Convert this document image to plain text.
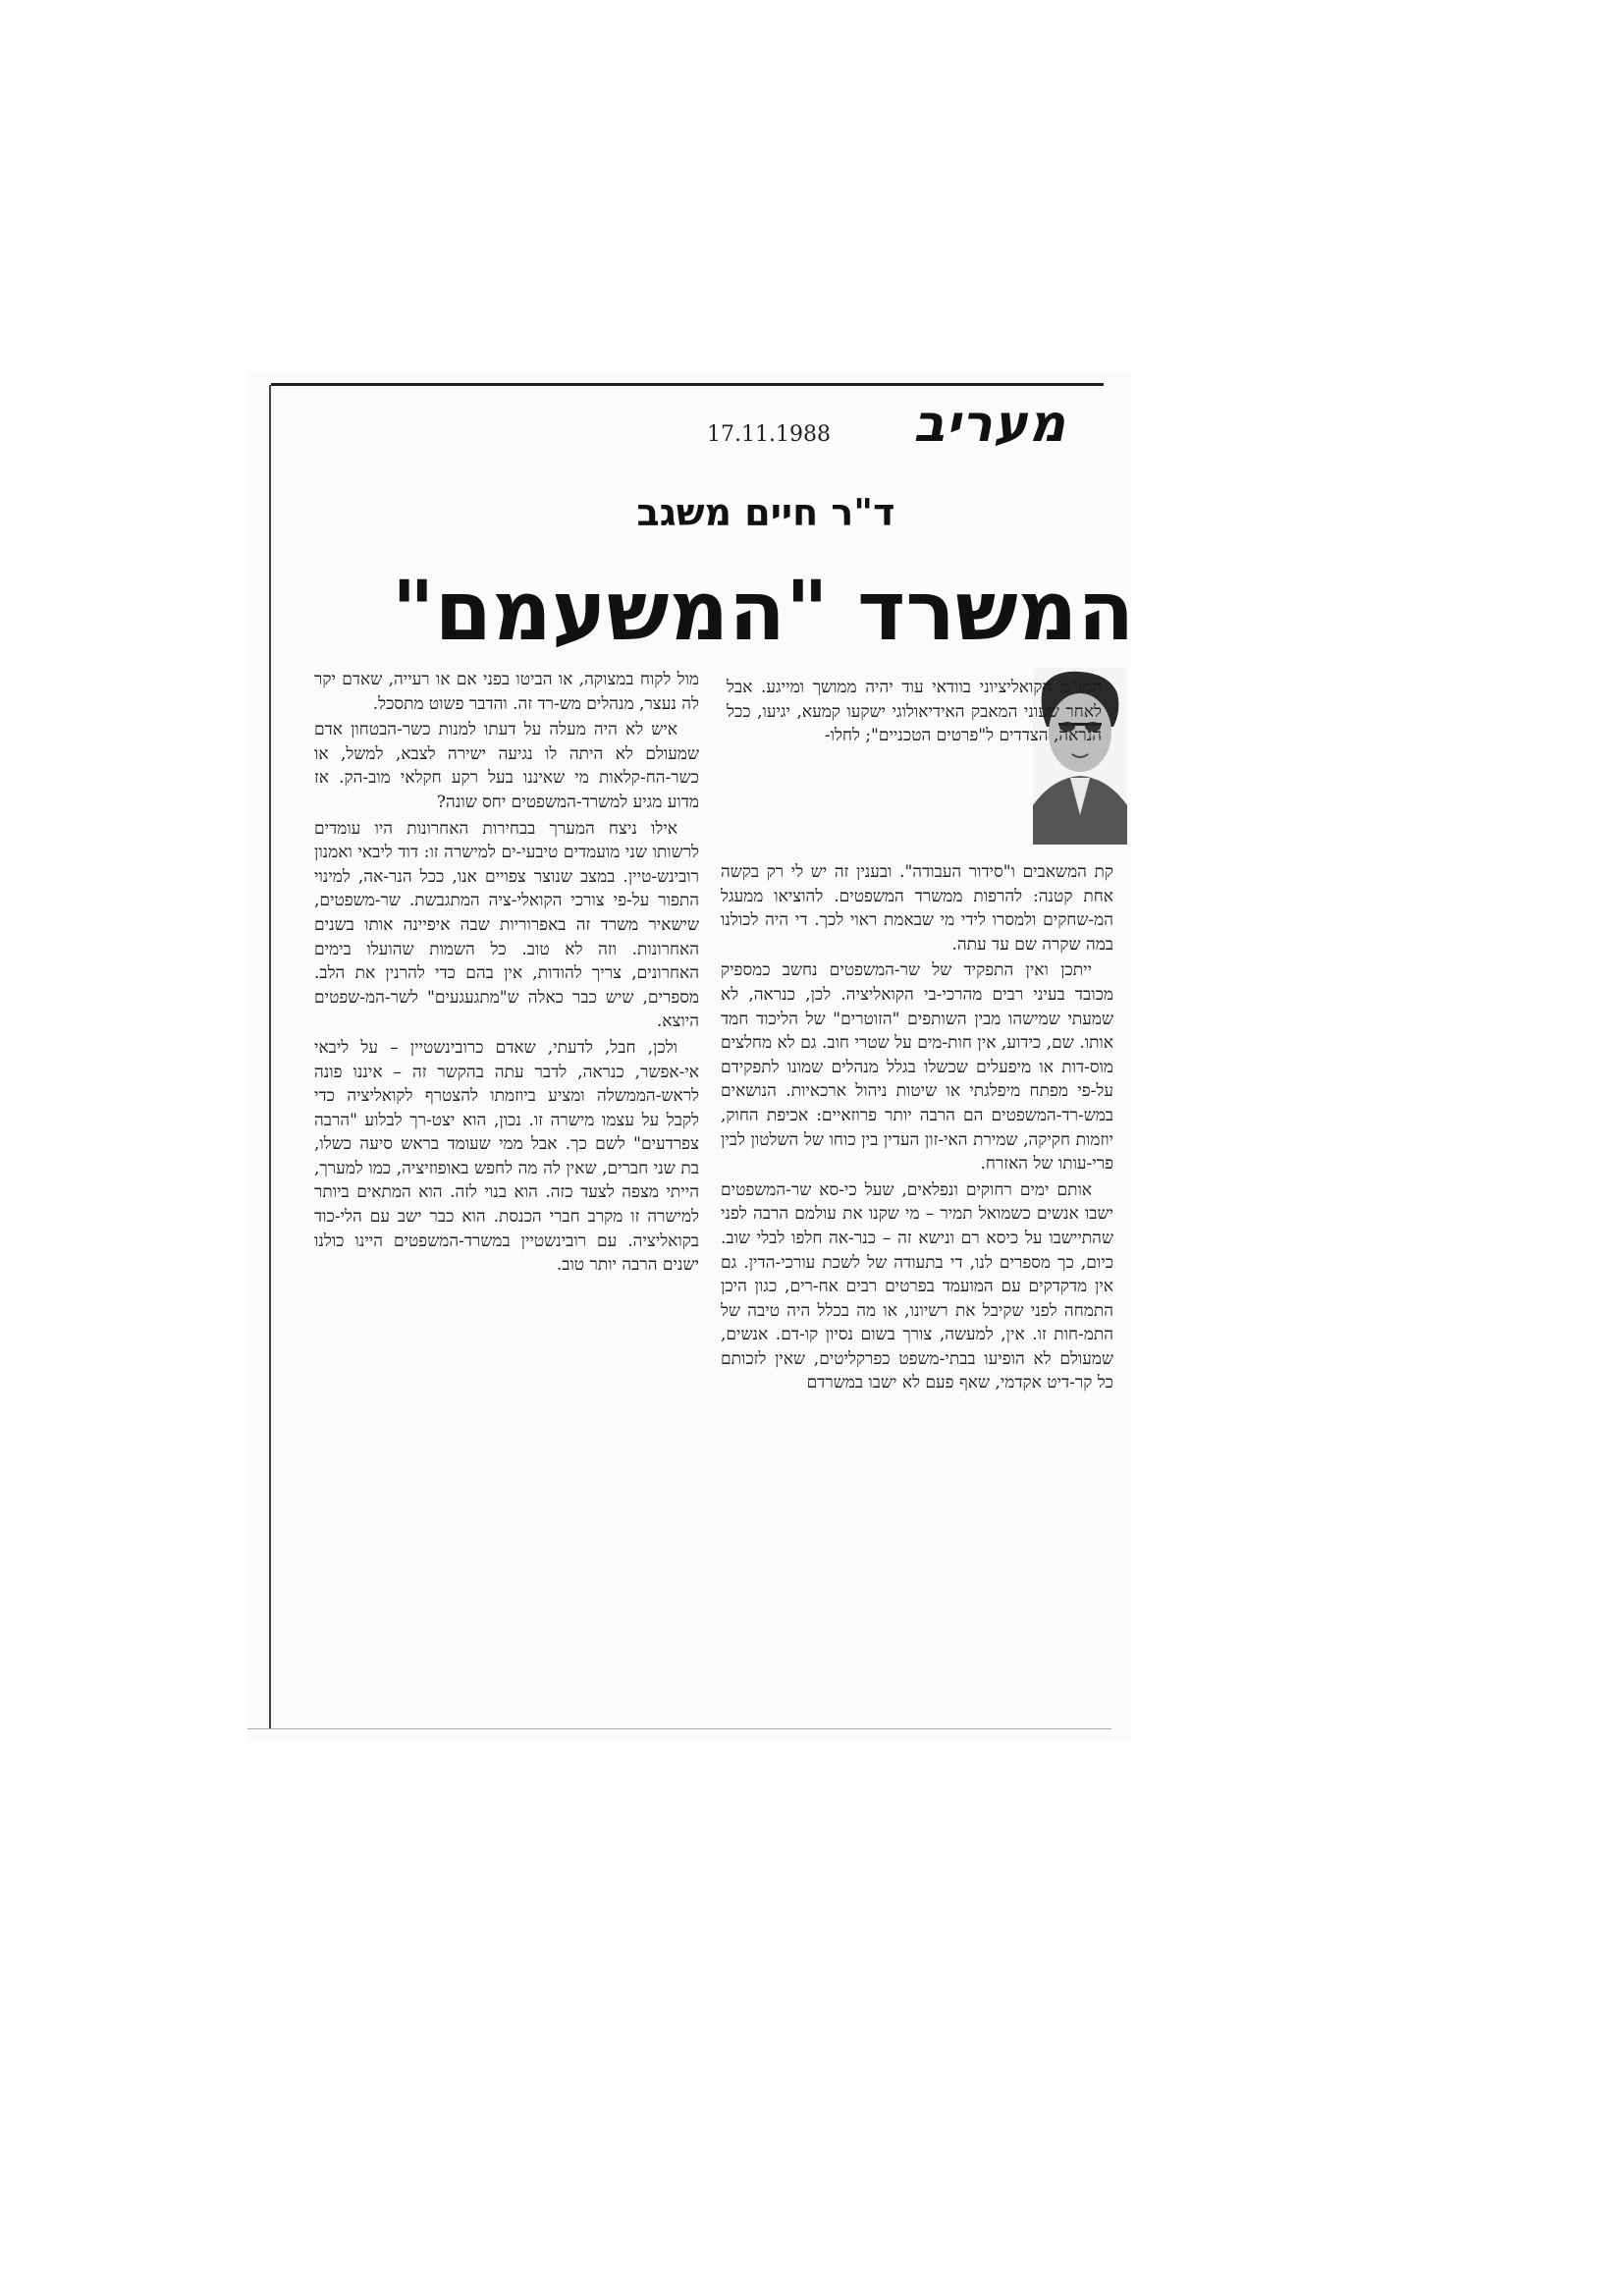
מעריב
17.11.1988
ד"ר חיים משגב
המשרד "המשעמם"

המו"מ הקואליציוני בוודאי עוד יהיה ממושך ומייגע. אבל לאחר שעוני המאבק האידיאולוגי ישקעו קמעא, יגיעו, ככל הנראה, הצדדים ל"פרטים הטכניים"; לחלו-

קת המשאבים ו"סידור העבודה". ובענין זה יש לי רק בקשה אחת קטנה: להרפות ממשרד המשפטים. להוציאו ממעגל המ-שחקים ולמסרו לידי מי שבאמת ראוי לכך. די היה לכולנו במה שקרה שם עד עתה.

ייתכן ואין התפקיד של שר-המשפטים נחשב כמספיק מכובד בעיני רבים מהרכי-בי הקואליציה. לכן, כנראה, לא שמעתי שמישהו מבין השותפים "הזוטרים" של הליכוד חמד אותו. שם, כידוע, אין חות-מים על שטרי חוב. גם לא מחלצים מוס-דות או מיפעלים שכשלו בגלל מנהלים שמונו לתפקידם על-פי מפתח מיפלגתי או שיטות ניהול ארכאיות. הנושאים במש-רד-המשפטים הם הרבה יותר פרוזאיים: אכיפת החוק, יוזמות חקיקה, שמירת האי-זון העדין בין כוחו של השלטון לבין פרי-עותו של האזרח.

אותם ימים רחוקים ונפלאים, שעל כי-סא שר-המשפטים ישבו אנשים כשמואל תמיר – מי שקנו את עולמם הרבה לפני שהתיישבו על כיסא רם ונישא זה – כנר-אה חלפו לבלי שוב. כיום, כך מספרים לנו, די בתעודה של לשכת עורכי-הדין. גם אין מדקדקים עם המועמד בפרטים רבים אח-רים, כגון היכן התמחה לפני שקיבל את רשיונו, או מה בכלל היה טיבה של התמ-חות זו. אין, למעשה, צורך בשום נסיון קו-דם. אנשים, שמעולם לא הופיעו בבתי-משפט כפרקליטים, שאין לזכותם כל קר-דיט אקדמי, שאף פעם לא ישבו במשרדם

מול לקוח במצוקה, או הביטו בפני אם או רעייה, שאדם יקר לה נעצר, מנהלים מש-רד זה. והדבר פשוט מתסכל.

איש לא היה מעלה על דעתו למנות כשר-הבטחון אדם שמעולם לא היתה לו נגיעה ישירה לצבא, למשל, או כשר-הח-קלאות מי שאיננו בעל רקע חקלאי מוב-הק. אז מדוע מגיע למשרד-המשפטים יחס שונה?

אילו ניצח המערך בבחירות האחרונות היו עומדים לרשותו שני מועמדים טיבעי-ים למישרה זו: דוד ליבאי ואמנון רובינש-טיין. במצב שנוצר צפויים אנו, ככל הנר-אה, למינוי התפור על-פי צורכי הקואלי-ציה המתגבשת. שר-משפטים, שישאיר משרד זה באפרוריות שבה איפיינה אותו בשנים האחרונות. וזה לא טוב. כל השמות שהועלו בימים האחרונים, צריך להודות, אין בהם כדי להרנין את הלב. מספרים, שיש כבר כאלה ש"מתגעגעים" לשר-המ-שפטים היוצא.

ולכן, חבל, לדעתי, שאדם כרובינשטיין – על ליבאי אי-אפשר, כנראה, לדבר עתה בהקשר זה – איננו פונה לראש-הממשלה ומציע ביוזמתו להצטרף לקואליציה כדי לקבל על עצמו מישרה זו. נכון, הוא יצט-רך לבלוע "הרבה צפרדעים" לשם כך. אבל ממי שעומד בראש סיעה כשלו, בת שני חברים, שאין לה מה לחפש באופוזיציה, כמו למערך, הייתי מצפה לצעד כזה. הוא בנוי לזה. הוא המתאים ביותר למישרה זו מקרב חברי הכנסת. הוא כבר ישב עם הלי-כוד בקואליציה. עם רובינשטיין במשרד-המשפטים היינו כולנו ישנים הרבה יותר טוב.
